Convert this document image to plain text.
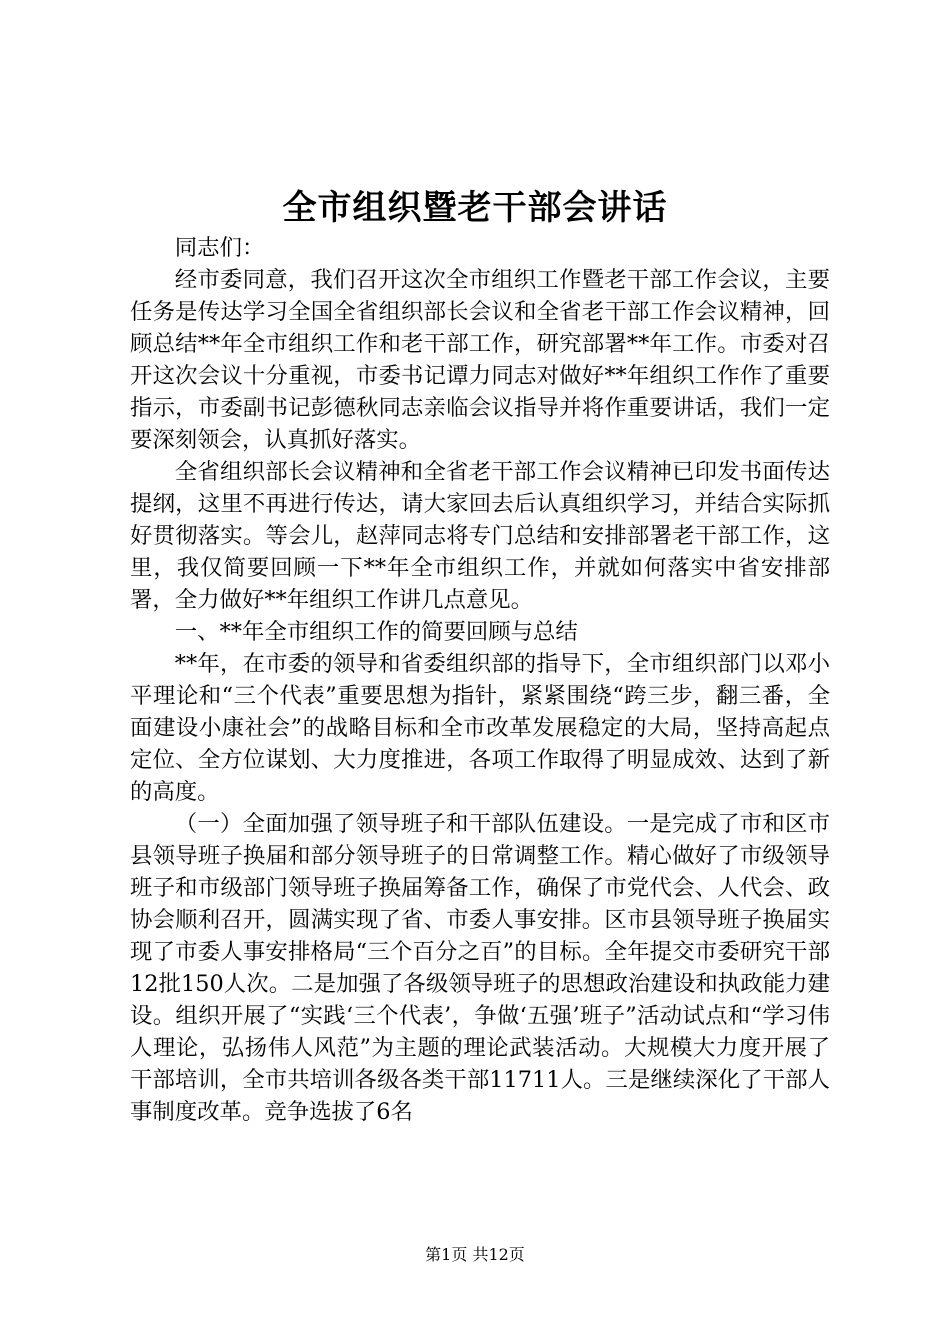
全市组织暨老干部会讲话

同志们：

经市委同意，我们召开这次全市组织工作暨老干部工作会议，主要任务是传达学习全国全省组织部长会议和全省老干部工作会议精神，回顾总结**年全市组织工作和老干部工作，研究部署**年工作。市委对召开这次会议十分重视，市委书记谭力同志对做好**年组织工作作了重要指示，市委副书记彭德秋同志亲临会议指导并将作重要讲话，我们一定要深刻领会，认真抓好落实。

全省组织部长会议精神和全省老干部工作会议精神已印发书面传达提纲，这里不再进行传达，请大家回去后认真组织学习，并结合实际抓好贯彻落实。等会儿，赵萍同志将专门总结和安排部署老干部工作，这里，我仅简要回顾一下**年全市组织工作，并就如何落实中省安排部署，全力做好**年组织工作讲几点意见。

一、**年全市组织工作的简要回顾与总结

**年，在市委的领导和省委组织部的指导下，全市组织部门以邓小平理论和“三个代表”重要思想为指针，紧紧围绕“跨三步，翻三番，全面建设小康社会”的战略目标和全市改革发展稳定的大局，坚持高起点定位、全方位谋划、大力度推进，各项工作取得了明显成效、达到了新的高度。

（一）全面加强了领导班子和干部队伍建设。一是完成了市和区市县领导班子换届和部分领导班子的日常调整工作。精心做好了市级领导班子和市级部门领导班子换届筹备工作，确保了市党代会、人代会、政协会顺利召开，圆满实现了省、市委人事安排。区市县领导班子换届实现了市委人事安排格局“三个百分之百”的目标。全年提交市委研究干部12批150人次。二是加强了各级领导班子的思想政治建设和执政能力建设。组织开展了“实践‘三个代表’，争做‘五强’班子”活动试点和“学习伟人理论，弘扬伟人风范”为主题的理论武装活动。大规模大力度开展了干部培训，全市共培训各级各类干部11711人。三是继续深化了干部人事制度改革。竞争选拔了6名

第1页 共12页
